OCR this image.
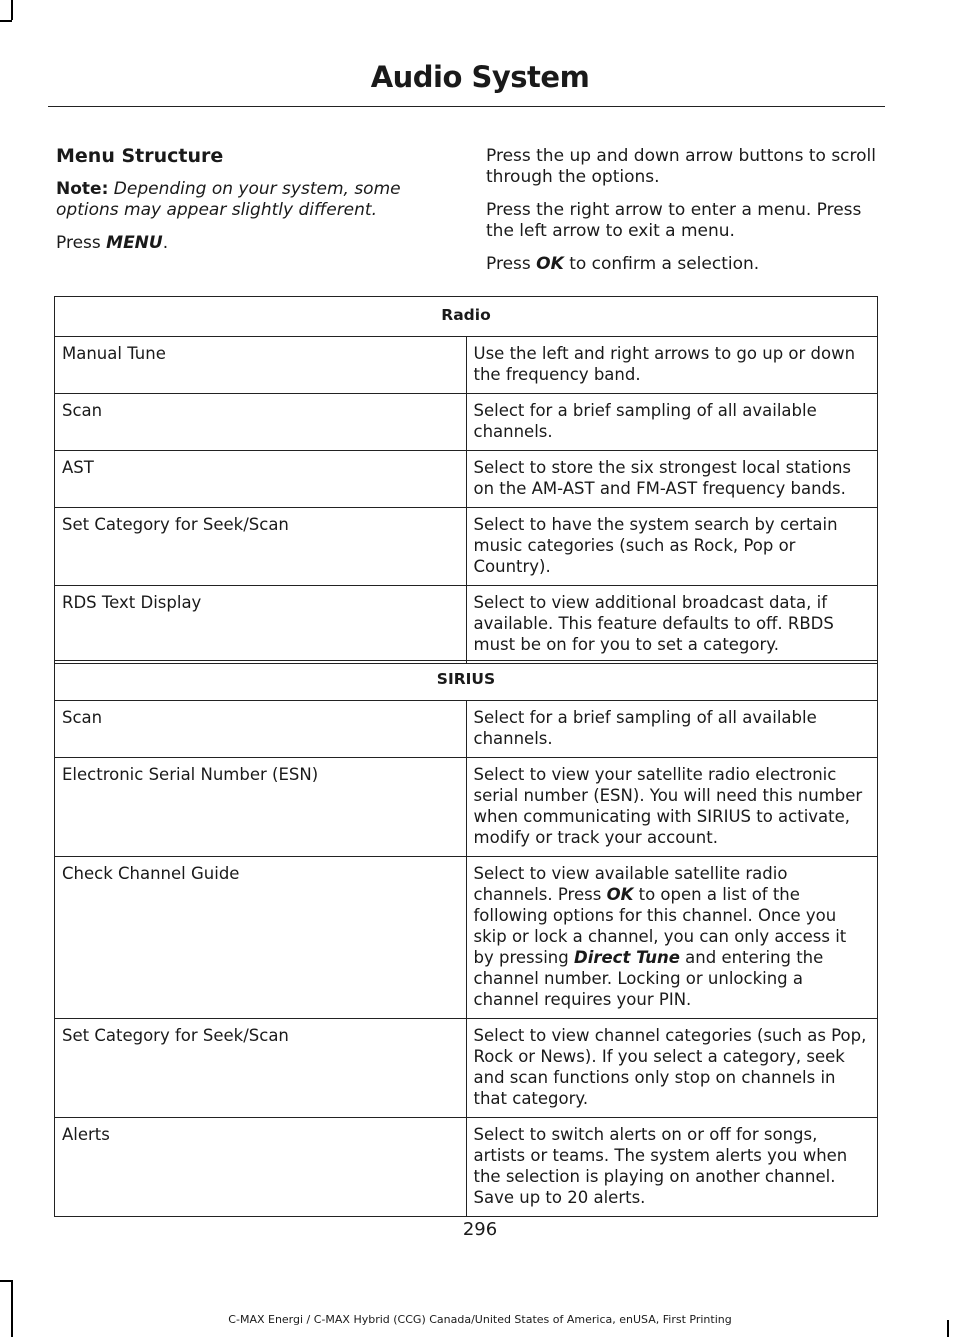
Audio System
Menu Structure

Note: Depending on your system, some options may appear slightly different.

Press MENU.

Press the up and down arrow buttons to scroll through the options.

Press the right arrow to enter a menu. Press the left arrow to exit a menu.

Press OK to confirm a selection.

Radio	
Manual Tune	Use the left and right arrows to go up or down the frequency band.
Scan	Select for a brief sampling of all available channels.
AST	Select to store the six strongest local stations on the AM-AST and FM-AST frequency bands.
Set Category for Seek/Scan	Select to have the system search by certain music categories (such as Rock, Pop or Country).
RDS Text Display	Select to view additional broadcast data, if available. This feature defaults to off. RBDS must be on for you to set a category.
SIRIUS	
Scan	Select for a brief sampling of all available channels.
Electronic Serial Number (ESN)	Select to view your satellite radio electronic serial number (ESN). You will need this number when communicating with SIRIUS to activate, modify or track your account.
Check Channel Guide	Select to view available satellite radio channels. Press OK to open a list of the following options for this channel. Once you skip or lock a channel, you can only access it by pressing Direct Tune and entering the channel number. Locking or unlocking a channel requires your PIN.
Set Category for Seek/Scan	Select to view channel categories (such as Pop, Rock or News). If you select a category, seek and scan functions only stop on channels in that category.
Alerts	Select to switch alerts on or off for songs, artists or teams. The system alerts you when the selection is playing on another channel. Save up to 20 alerts.
296
C-MAX Energi / C-MAX Hybrid (CCG) Canada/United States of America, enUSA, First Printing
